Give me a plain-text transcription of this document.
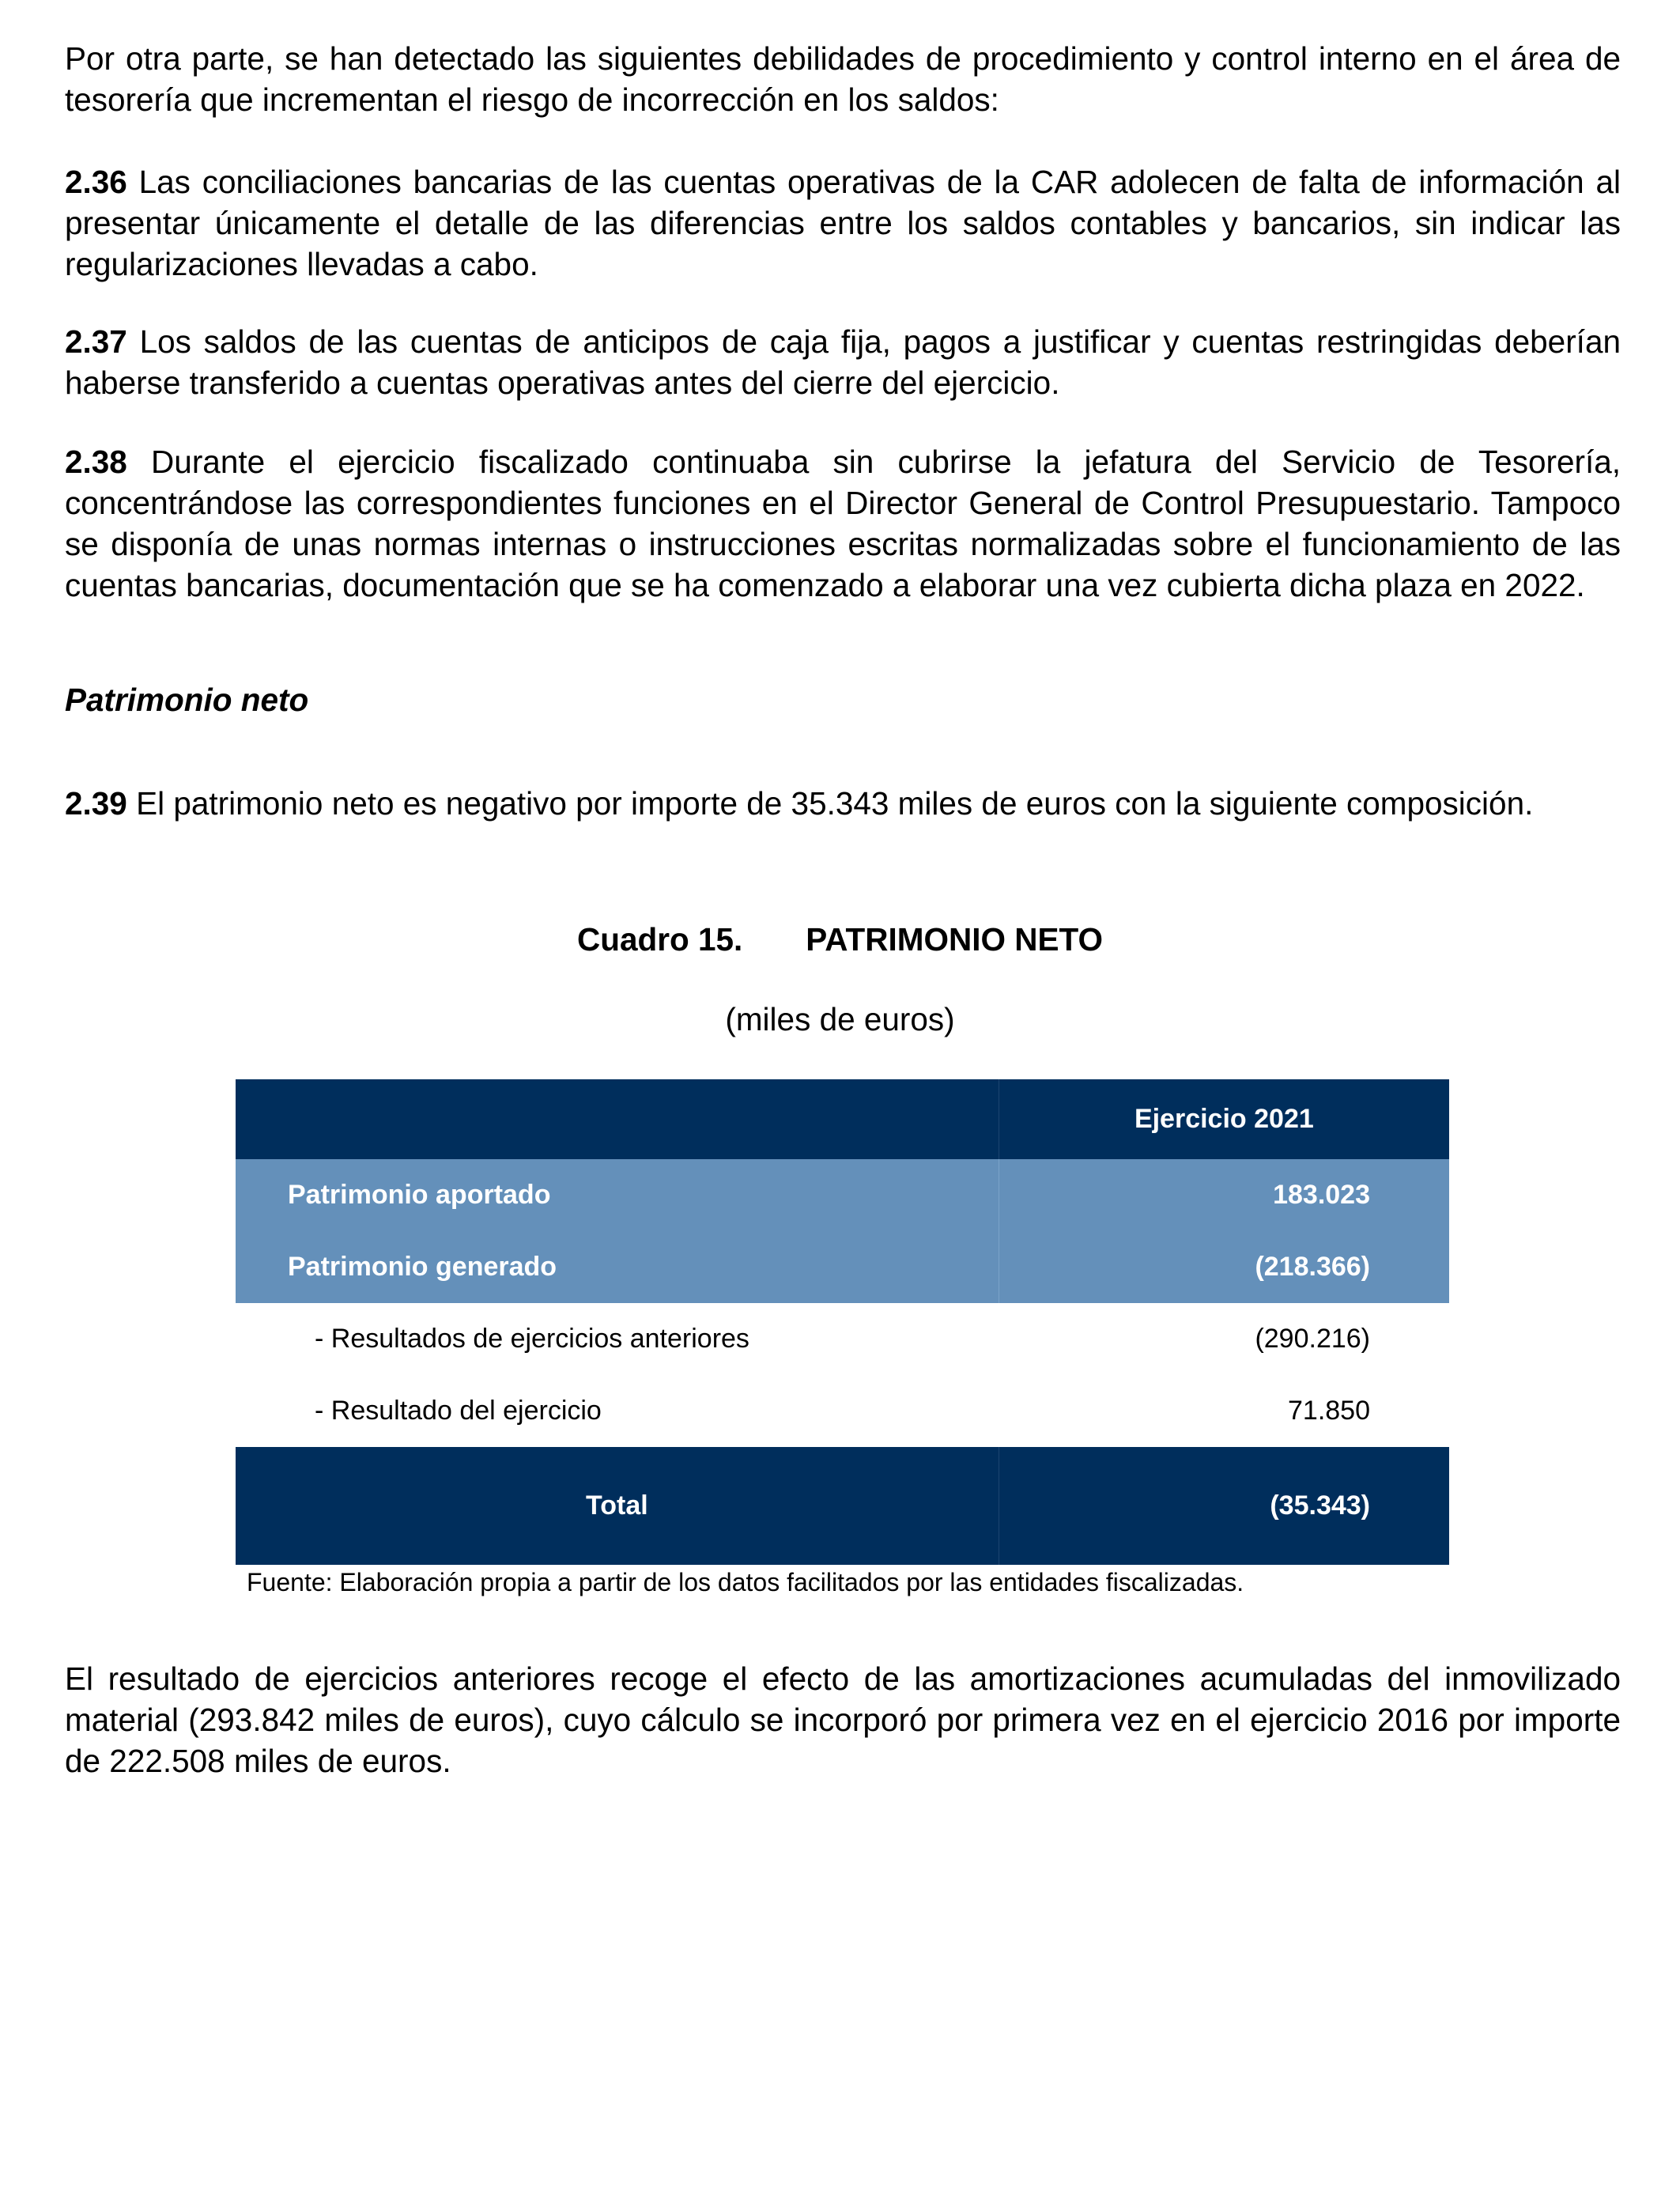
Por otra parte, se han detectado las siguientes debilidades de procedimiento y control interno en el área de tesorería que incrementan el riesgo de incorrección en los saldos:

2.36 Las conciliaciones bancarias de las cuentas operativas de la CAR adolecen de falta de información al presentar únicamente el detalle de las diferencias entre los saldos contables y bancarios, sin indicar las regularizaciones llevadas a cabo.

2.37 Los saldos de las cuentas de anticipos de caja fija, pagos a justificar y cuentas restringidas deberían haberse transferido a cuentas operativas antes del cierre del ejercicio.

2.38 Durante el ejercicio fiscalizado continuaba sin cubrirse la jefatura del Servicio de Tesorería, concentrándose las correspondientes funciones en el Director General de Control Presupuestario. Tampoco se disponía de unas normas internas o instrucciones escritas normalizadas sobre el funcionamiento de las cuentas bancarias, documentación que se ha comenzado a elaborar una vez cubierta dicha plaza en 2022.

Patrimonio neto

2.39 El patrimonio neto es negativo por importe de 35.343 miles de euros con la siguiente composición.

Cuadro 15. PATRIMONIO NETO
(miles de euros)
	Ejercicio 2021
Patrimonio aportado	183.023
Patrimonio generado	(218.366)
- Resultados de ejercicios anteriores	(290.216)
- Resultado del ejercicio	71.850
Total	(35.343)
Fuente: Elaboración propia a partir de los datos facilitados por las entidades fiscalizadas.

El resultado de ejercicios anteriores recoge el efecto de las amortizaciones acumuladas del inmovilizado material (293.842 miles de euros), cuyo cálculo se incorporó por primera vez en el ejercicio 2016 por importe de 222.508 miles de euros.
